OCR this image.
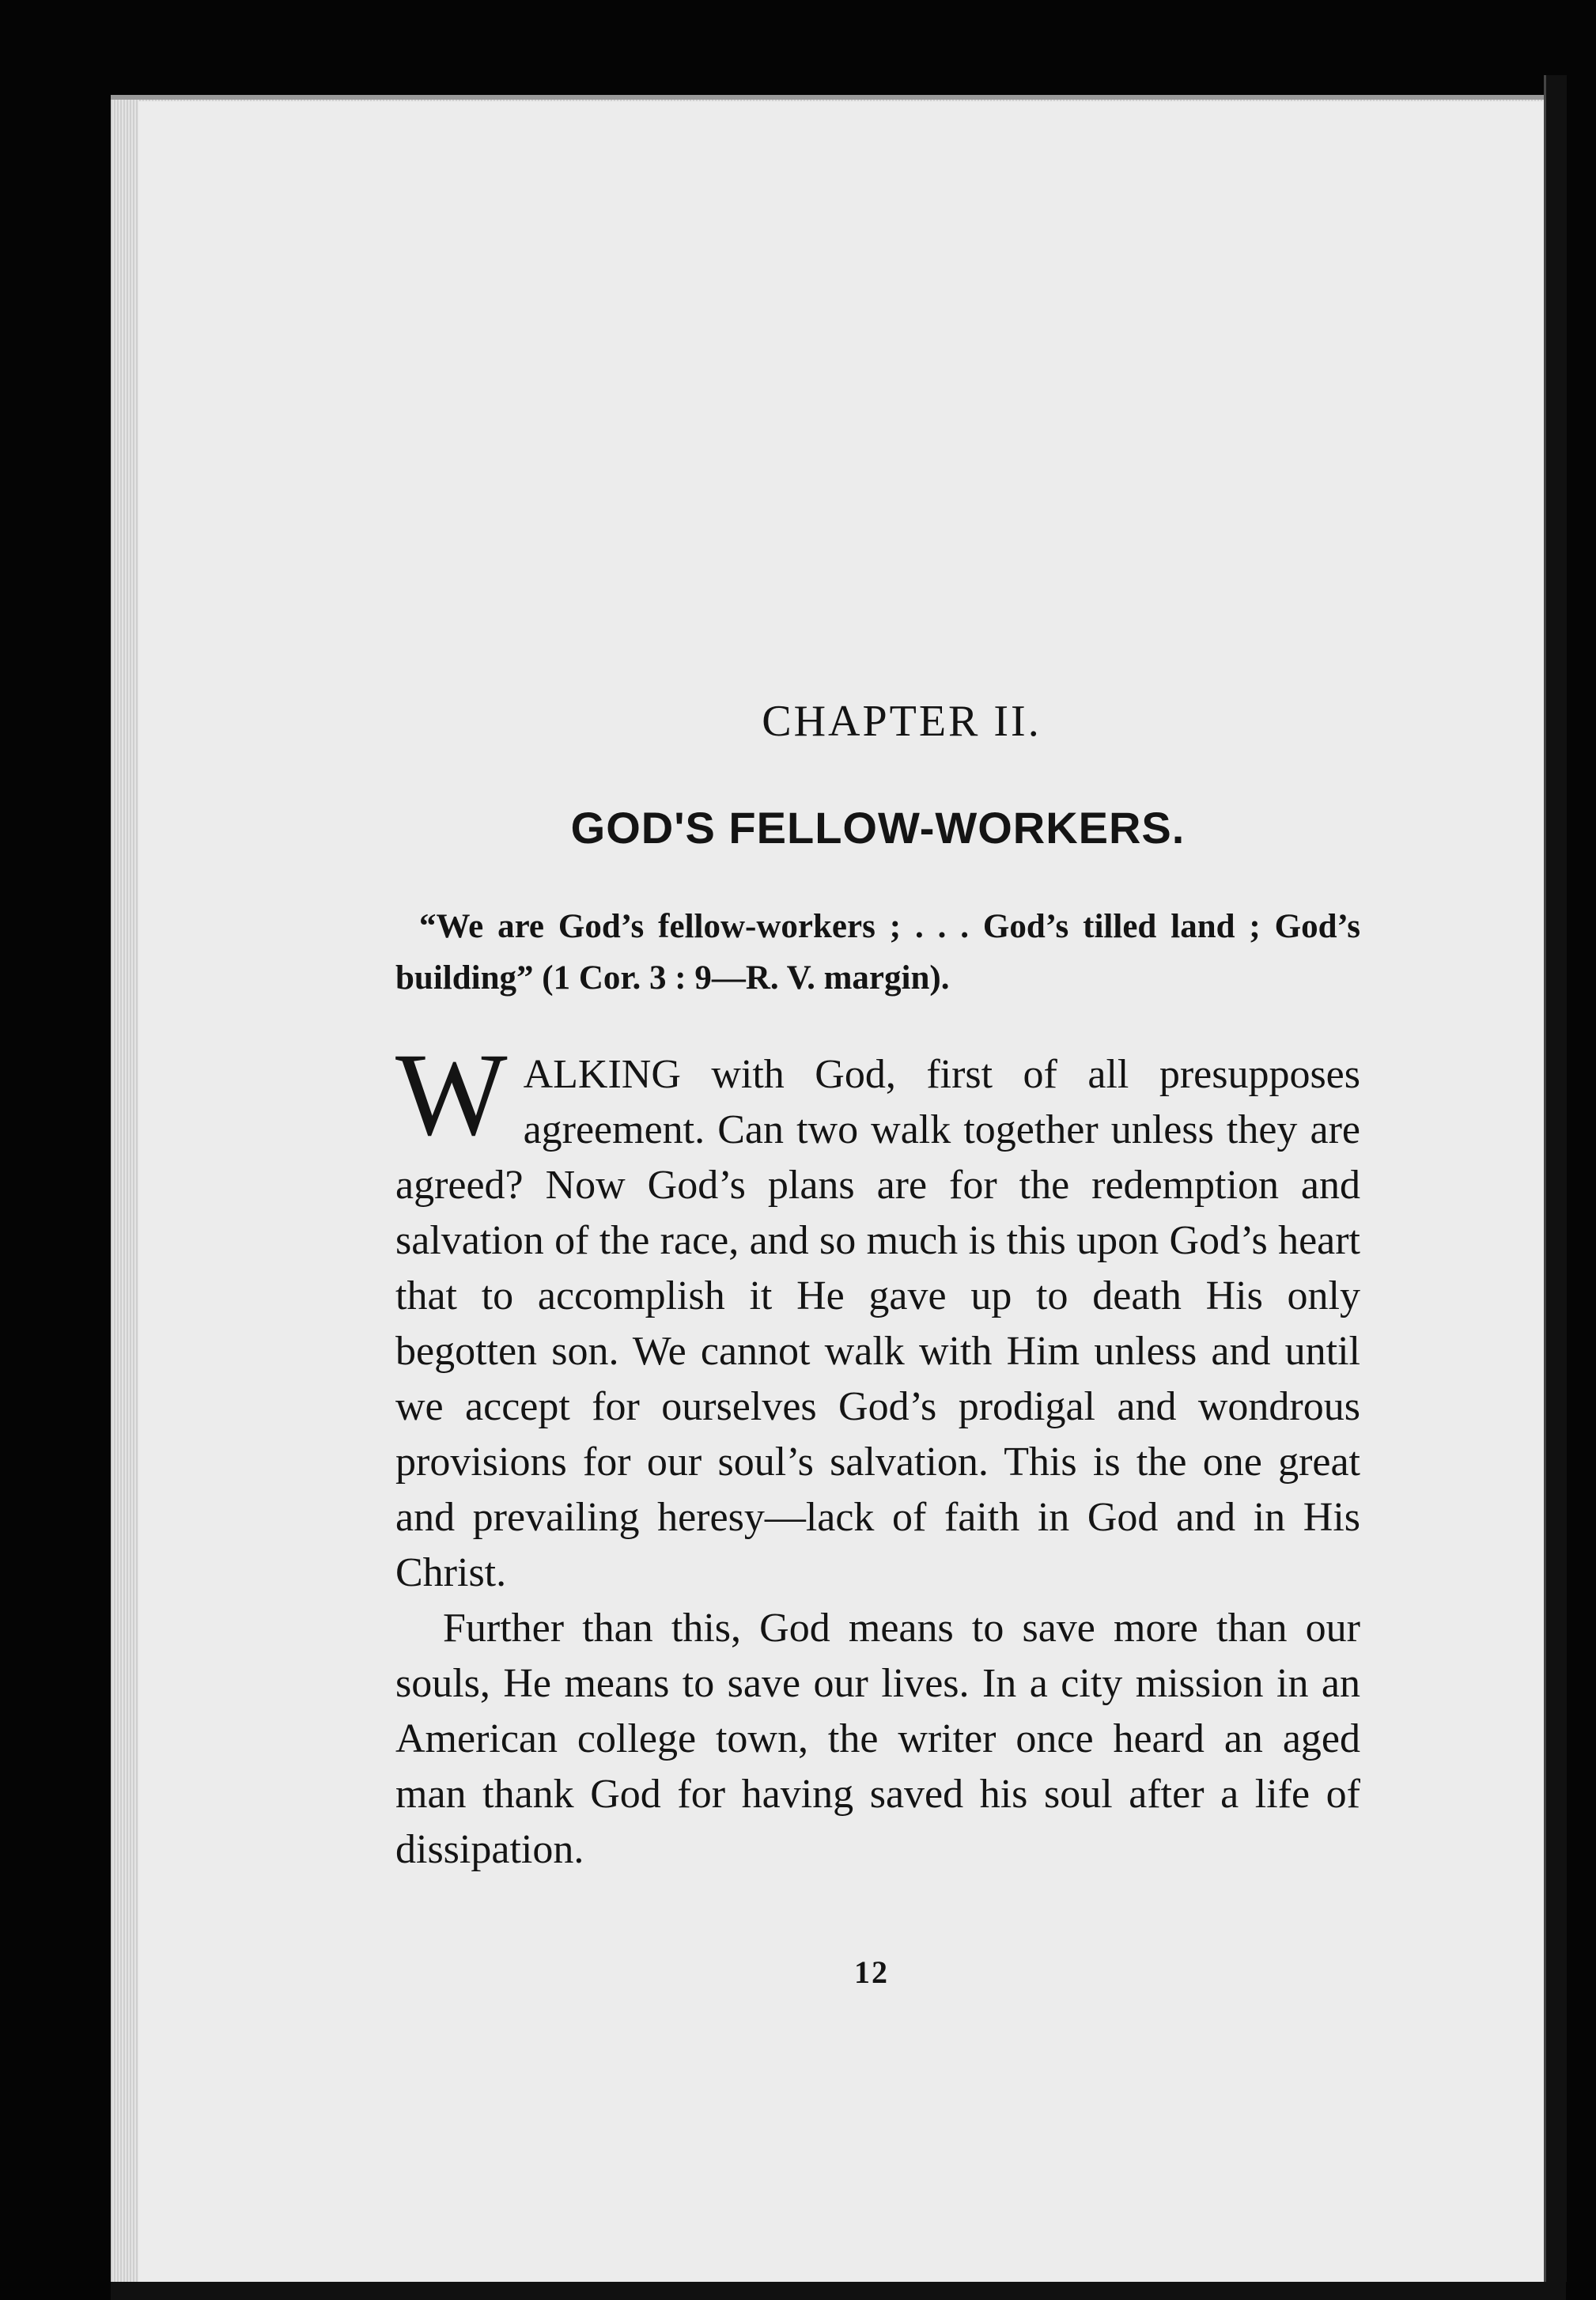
CHAPTER II.
GOD'S FELLOW-WORKERS.

“We are God’s fellow-workers ; . . . God’s tilled land ; God’s building” (1 Cor. 3 : 9—R. V. margin).

W ALKING with God, first of all presupposes agreement. Can two walk together unless they are agreed? Now God’s plans are for the redemption and salvation of the race, and so much is this upon God’s heart that to accomplish it He gave up to death His only begotten son. We cannot walk with Him unless and until we accept for ourselves God’s prodigal and wondrous provisions for our soul’s salvation. This is the one great and prevailing heresy—lack of faith in God and in His Christ.

Further than this, God means to save more than our souls, He means to save our lives. In a city mission in an American college town, the writer once heard an aged man thank God for having saved his soul after a life of dissipation.

12
